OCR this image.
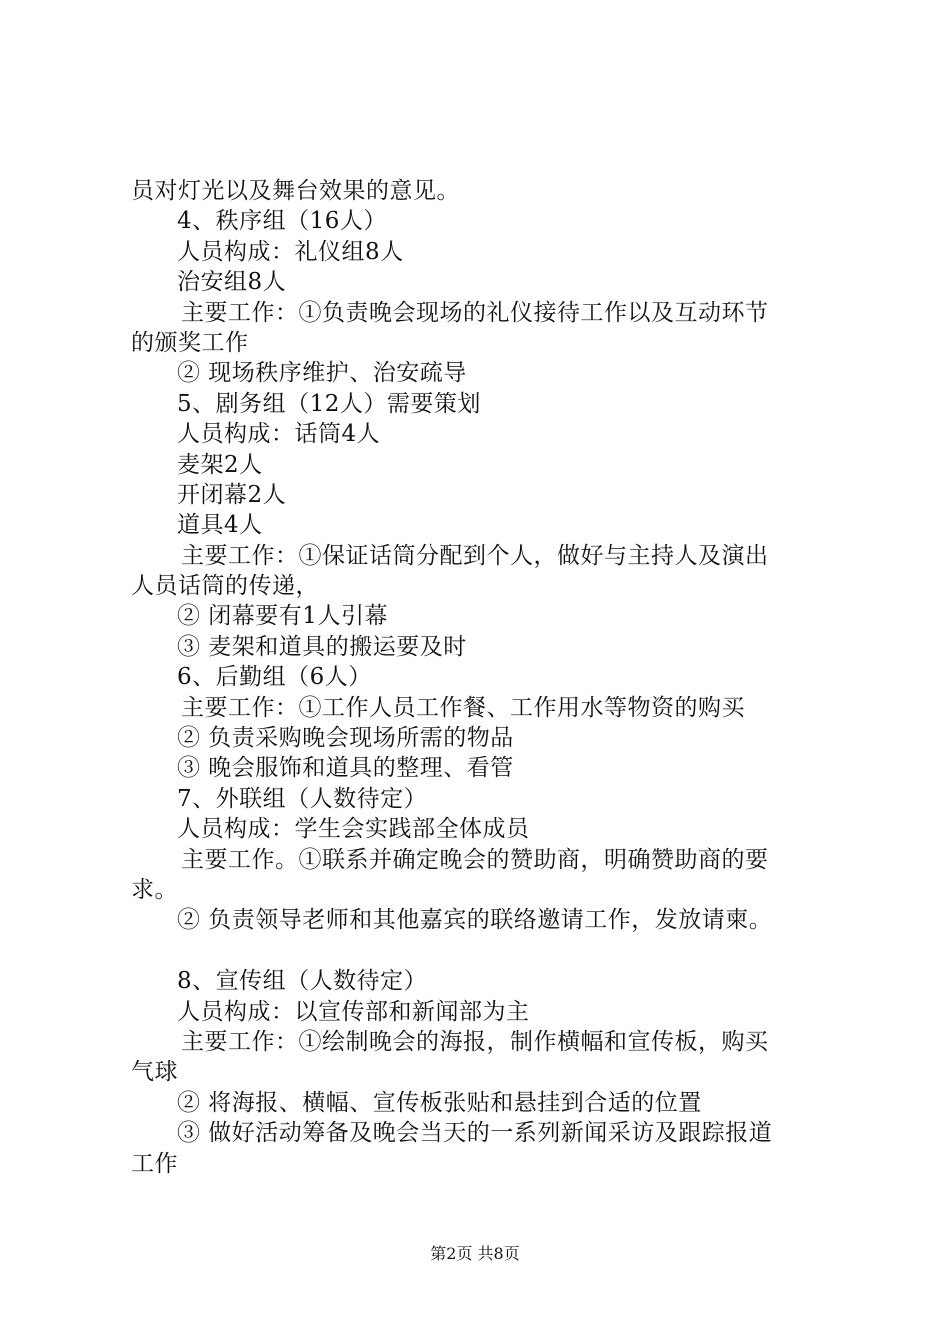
员对灯光以及舞台效果的意见。
4、秩序组（16人）
人员构成：礼仪组8人
治安组8人
主要工作：①负责晚会现场的礼仪接待工作以及互动环节
的颁奖工作
② 现场秩序维护、治安疏导
5、剧务组（12人）需要策划
人员构成：话筒4人
麦架2人
开闭幕2人
道具4人
主要工作：①保证话筒分配到个人，做好与主持人及演出
人员话筒的传递，
② 闭幕要有1人引幕
③ 麦架和道具的搬运要及时
6、后勤组（6人）
主要工作：①工作人员工作餐、工作用水等物资的购买
② 负责采购晚会现场所需的物品
③ 晚会服饰和道具的整理、看管
7、外联组（人数待定）
人员构成：学生会实践部全体成员
主要工作。①联系并确定晚会的赞助商，明确赞助商的要
求。
② 负责领导老师和其他嘉宾的联络邀请工作，发放请柬。
8、宣传组（人数待定）
人员构成：以宣传部和新闻部为主
主要工作：①绘制晚会的海报，制作横幅和宣传板，购买
气球
② 将海报、横幅、宣传板张贴和悬挂到合适的位置
③ 做好活动筹备及晚会当天的一系列新闻采访及跟踪报道
工作
第2页 共8页
